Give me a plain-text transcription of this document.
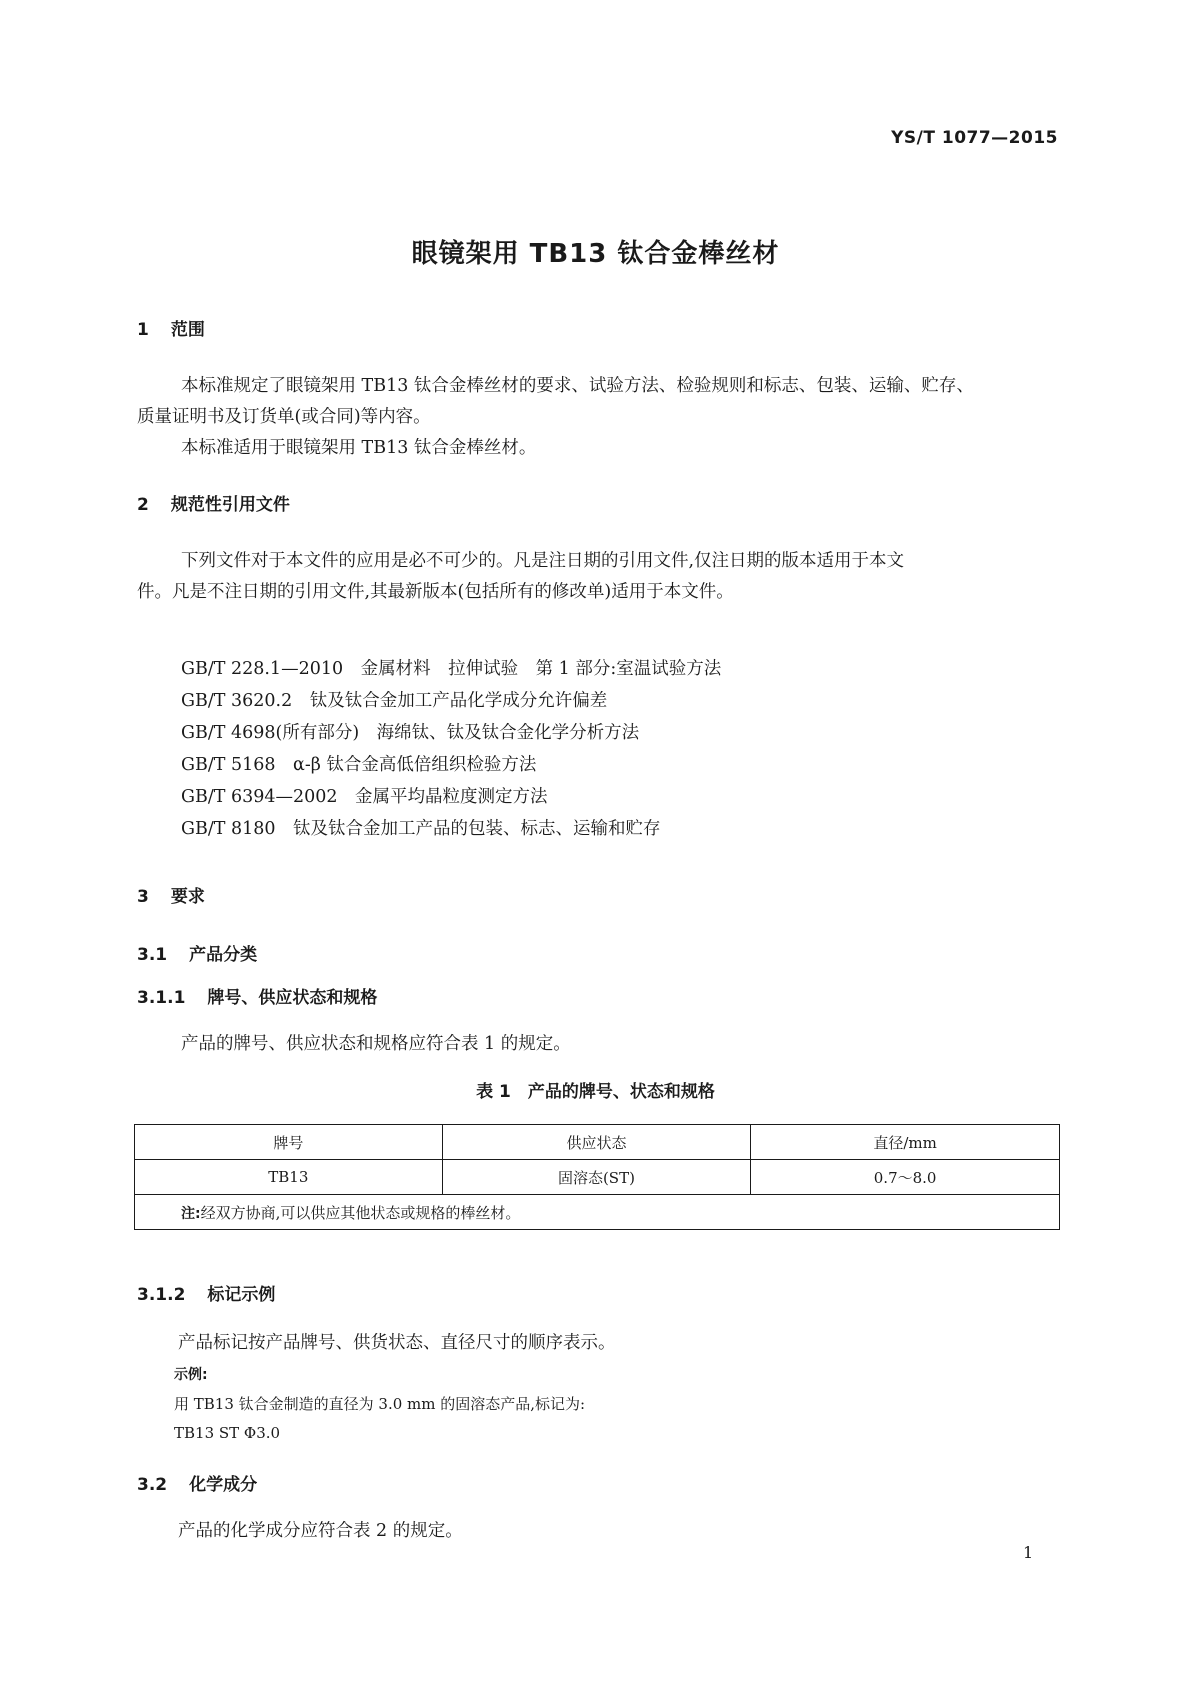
YS/T 1077—2015
眼镜架用 TB13 钛合金棒丝材
1 范围
本标准规定了眼镜架用 TB13 钛合金棒丝材的要求、试验方法、检验规则和标志、包装、运输、贮存、
质量证明书及订货单(或合同)等内容。
本标准适用于眼镜架用 TB13 钛合金棒丝材。
2 规范性引用文件
下列文件对于本文件的应用是必不可少的。凡是注日期的引用文件,仅注日期的版本适用于本文
件。凡是不注日期的引用文件,其最新版本(包括所有的修改单)适用于本文件。
GB/T 228.1—2010　金属材料　拉伸试验　第 1 部分:室温试验方法
GB/T 3620.2　钛及钛合金加工产品化学成分允许偏差
GB/T 4698(所有部分)　海绵钛、钛及钛合金化学分析方法
GB/T 5168　α-β 钛合金高低倍组织检验方法
GB/T 6394—2002　金属平均晶粒度测定方法
GB/T 8180　钛及钛合金加工产品的包装、标志、运输和贮存
3 要求
3.1 产品分类
3.1.1 牌号、供应状态和规格
产品的牌号、供应状态和规格应符合表 1 的规定。
表 1　产品的牌号、状态和规格
牌号	供应状态	直径/mm
TB13	固溶态(ST)	0.7～8.0
注:经双方协商,可以供应其他状态或规格的棒丝材。		
3.1.2 标记示例
产品标记按产品牌号、供货状态、直径尺寸的顺序表示。
示例:
用 TB13 钛合金制造的直径为 3.0 mm 的固溶态产品,标记为:
TB13 ST Φ3.0
3.2 化学成分
产品的化学成分应符合表 2 的规定。
1
